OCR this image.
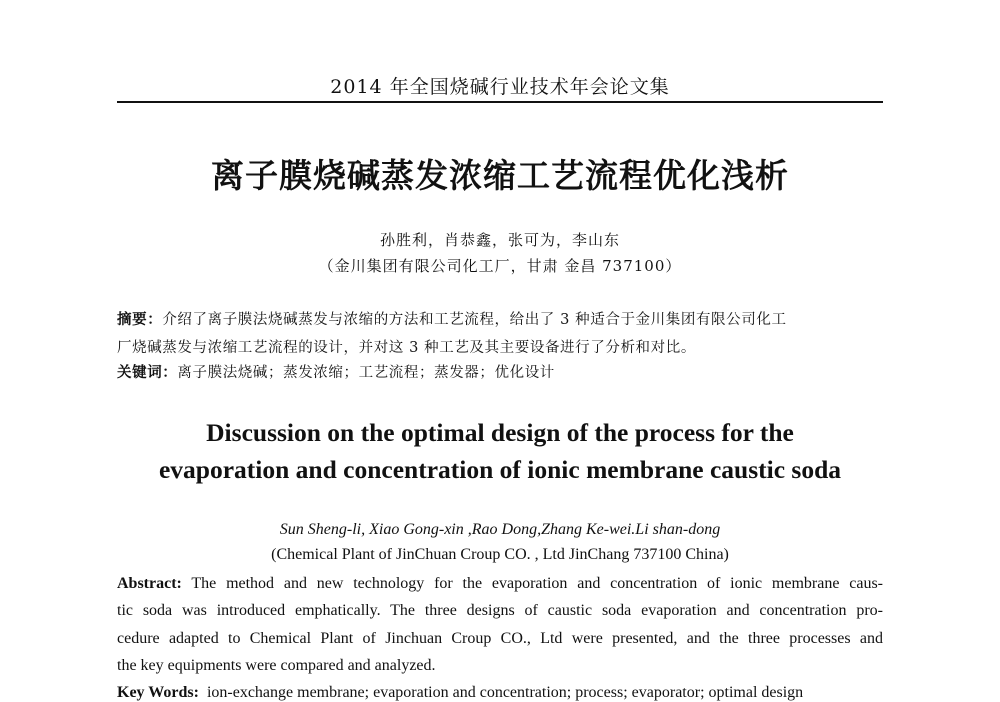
2014 年全国烧碱行业技术年会论文集
离子膜烧碱蒸发浓缩工艺流程优化浅析
孙胜利，肖恭鑫，张可为，李山东
（金川集团有限公司化工厂，甘肃 金昌 737100）
摘要：介绍了离子膜法烧碱蒸发与浓缩的方法和工艺流程，给出了 3 种适合于金川集团有限公司化工
厂烧碱蒸发与浓缩工艺流程的设计，并对这 3 种工艺及其主要设备进行了分析和对比。
关键词：离子膜法烧碱；蒸发浓缩；工艺流程；蒸发器；优化设计
Discussion on the optimal design of the process for the
evaporation and concentration of ionic membrane caustic soda
Sun Sheng-li, Xiao Gong-xin ,Rao Dong,Zhang Ke-wei.Li shan-dong
(Chemical Plant of JinChuan Croup CO. , Ltd JinChang 737100 China)
Abstract: The method and new technology for the evaporation and concentration of ionic membrane caus-
tic soda was introduced emphatically. The three designs of caustic soda evaporation and concentration pro-
cedure adapted to Chemical Plant of Jinchuan Croup CO., Ltd were presented, and the three processes and
the key equipments were compared and analyzed.
Key Words: ion-exchange membrane; evaporation and concentration; process; evaporator; optimal design
